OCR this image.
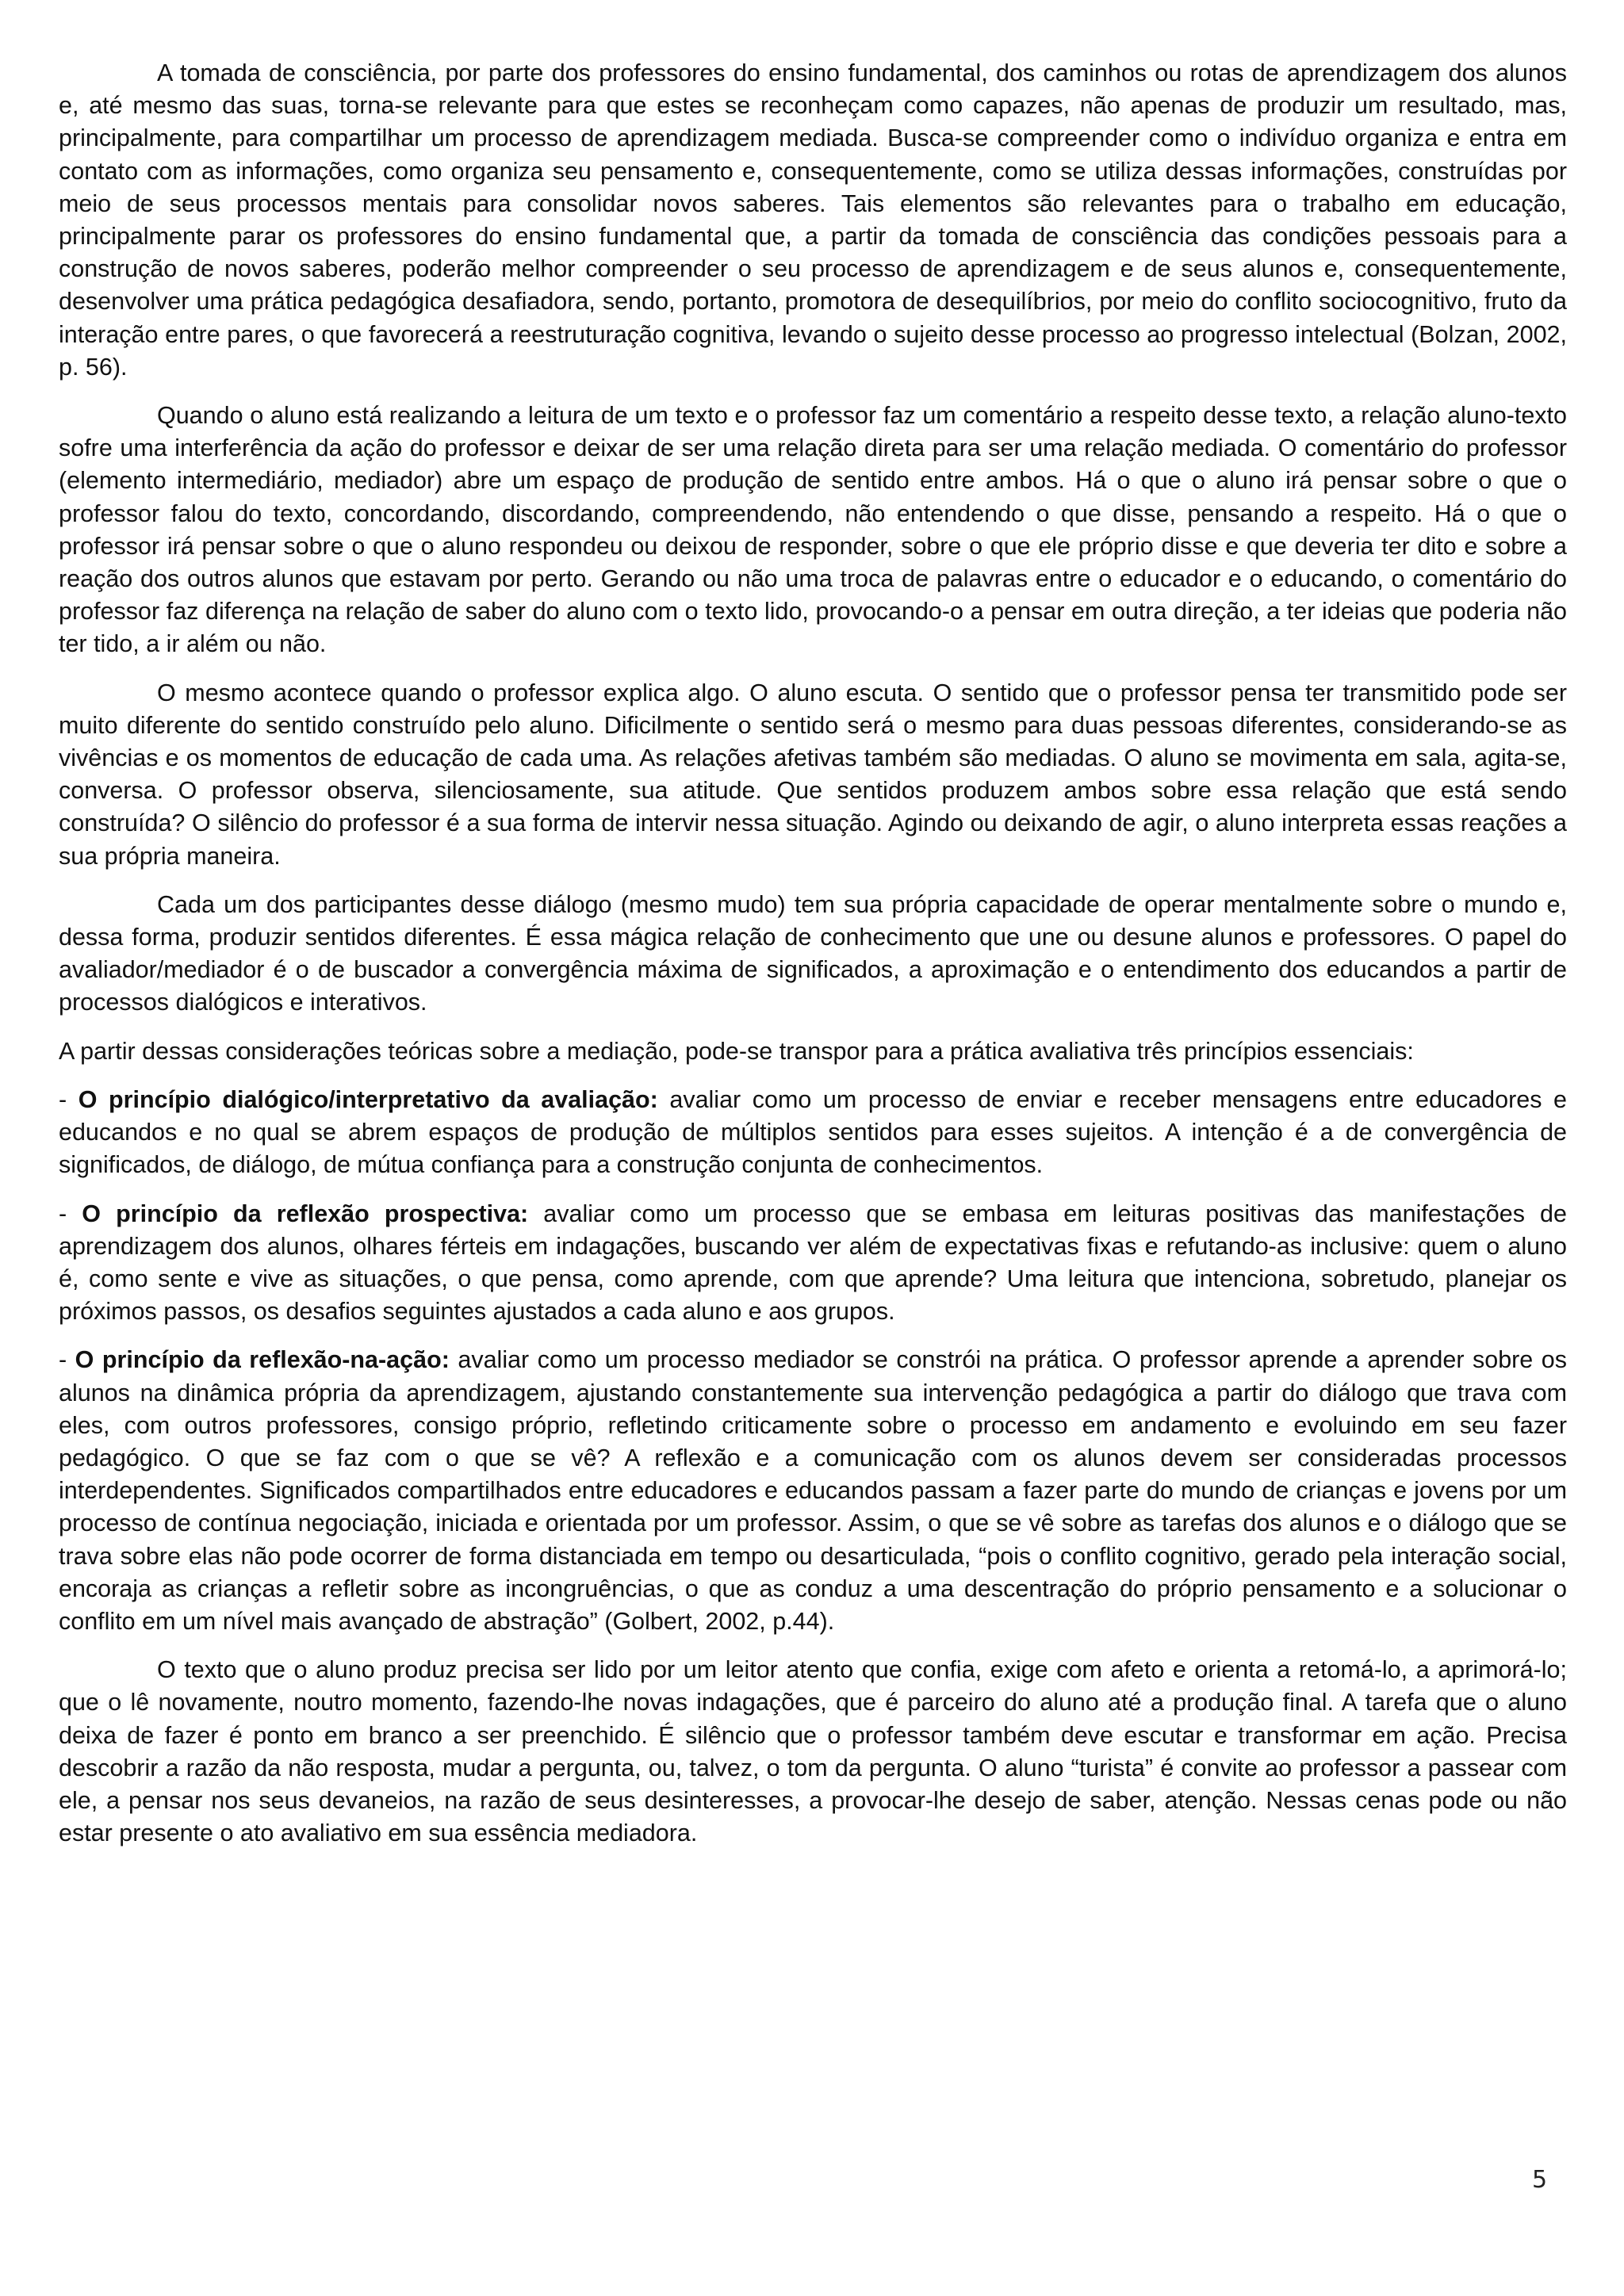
A tomada de consciência, por parte dos professores do ensino fundamental, dos caminhos ou rotas de aprendizagem dos alunos e, até mesmo das suas, torna-se relevante para que estes se reconheçam como capazes, não apenas de produzir um resultado, mas, principalmente, para compartilhar um processo de aprendizagem mediada. Busca-se compreender como o indivíduo organiza e entra em contato com as informações, como organiza seu pensamento e, consequentemente, como se utiliza dessas informações, construídas por meio de seus processos mentais para consolidar novos saberes. Tais elementos são relevantes para o trabalho em educação, principalmente parar os professores do ensino fundamental que, a partir da tomada de consciência das condições pessoais para a construção de novos saberes, poderão melhor compreender o seu processo de aprendizagem e de seus alunos e, consequentemente, desenvolver uma prática pedagógica desafiadora, sendo, portanto, promotora de desequilíbrios, por meio do conflito sociocognitivo, fruto da interação entre pares, o que favorecerá a reestruturação cognitiva, levando o sujeito desse processo ao progresso intelectual (Bolzan, 2002, p. 56).

Quando o aluno está realizando a leitura de um texto e o professor faz um comentário a respeito desse texto, a relação aluno-texto sofre uma interferência da ação do professor e deixar de ser uma relação direta para ser uma relação mediada. O comentário do professor (elemento intermediário, mediador) abre um espaço de produção de sentido entre ambos. Há o que o aluno irá pensar sobre o que o professor falou do texto, concordando, discordando, compreendendo, não entendendo o que disse, pensando a respeito. Há o que o professor irá pensar sobre o que o aluno respondeu ou deixou de responder, sobre o que ele próprio disse e que deveria ter dito e sobre a reação dos outros alunos que estavam por perto. Gerando ou não uma troca de palavras entre o educador e o educando, o comentário do professor faz diferença na relação de saber do aluno com o texto lido, provocando-o a pensar em outra direção, a ter ideias que poderia não ter tido, a ir além ou não.

O mesmo acontece quando o professor explica algo. O aluno escuta. O sentido que o professor pensa ter transmitido pode ser muito diferente do sentido construído pelo aluno. Dificilmente o sentido será o mesmo para duas pessoas diferentes, considerando-se as vivências e os momentos de educação de cada uma. As relações afetivas também são mediadas. O aluno se movimenta em sala, agita-se, conversa. O professor observa, silenciosamente, sua atitude. Que sentidos produzem ambos sobre essa relação que está sendo construída? O silêncio do professor é a sua forma de intervir nessa situação. Agindo ou deixando de agir, o aluno interpreta essas reações a sua própria maneira.

Cada um dos participantes desse diálogo (mesmo mudo) tem sua própria capacidade de operar mentalmente sobre o mundo e, dessa forma, produzir sentidos diferentes. É essa mágica relação de conhecimento que une ou desune alunos e professores. O papel do avaliador/mediador é o de buscador a convergência máxima de significados, a aproximação e o entendimento dos educandos a partir de processos dialógicos e interativos.

A partir dessas considerações teóricas sobre a mediação, pode-se transpor para a prática avaliativa três princípios essenciais:

- O princípio dialógico/interpretativo da avaliação: avaliar como um processo de enviar e receber mensagens entre educadores e educandos e no qual se abrem espaços de produção de múltiplos sentidos para esses sujeitos. A intenção é a de convergência de significados, de diálogo, de mútua confiança para a construção conjunta de conhecimentos.

- O princípio da reflexão prospectiva: avaliar como um processo que se embasa em leituras positivas das manifestações de aprendizagem dos alunos, olhares férteis em indagações, buscando ver além de expectativas fixas e refutando-as inclusive: quem o aluno é, como sente e vive as situações, o que pensa, como aprende, com que aprende? Uma leitura que intenciona, sobretudo, planejar os próximos passos, os desafios seguintes ajustados a cada aluno e aos grupos.

- O princípio da reflexão-na-ação: avaliar como um processo mediador se constrói na prática. O professor aprende a aprender sobre os alunos na dinâmica própria da aprendizagem, ajustando constantemente sua intervenção pedagógica a partir do diálogo que trava com eles, com outros professores, consigo próprio, refletindo criticamente sobre o processo em andamento e evoluindo em seu fazer pedagógico. O que se faz com o que se vê? A reflexão e a comunicação com os alunos devem ser consideradas processos interdependentes. Significados compartilhados entre educadores e educandos passam a fazer parte do mundo de crianças e jovens por um processo de contínua negociação, iniciada e orientada por um professor. Assim, o que se vê sobre as tarefas dos alunos e o diálogo que se trava sobre elas não pode ocorrer de forma distanciada em tempo ou desarticulada, “pois o conflito cognitivo, gerado pela interação social, encoraja as crianças a refletir sobre as incongruências, o que as conduz a uma descentração do próprio pensamento e a solucionar o conflito em um nível mais avançado de abstração” (Golbert, 2002, p.44).

O texto que o aluno produz precisa ser lido por um leitor atento que confia, exige com afeto e orienta a retomá-lo, a aprimorá-lo; que o lê novamente, noutro momento, fazendo-lhe novas indagações, que é parceiro do aluno até a produção final. A tarefa que o aluno deixa de fazer é ponto em branco a ser preenchido. É silêncio que o professor também deve escutar e transformar em ação. Precisa descobrir a razão da não resposta, mudar a pergunta, ou, talvez, o tom da pergunta. O aluno “turista” é convite ao professor a passear com ele, a pensar nos seus devaneios, na razão de seus desinteresses, a provocar-lhe desejo de saber, atenção. Nessas cenas pode ou não estar presente o ato avaliativo em sua essência mediadora.

5
